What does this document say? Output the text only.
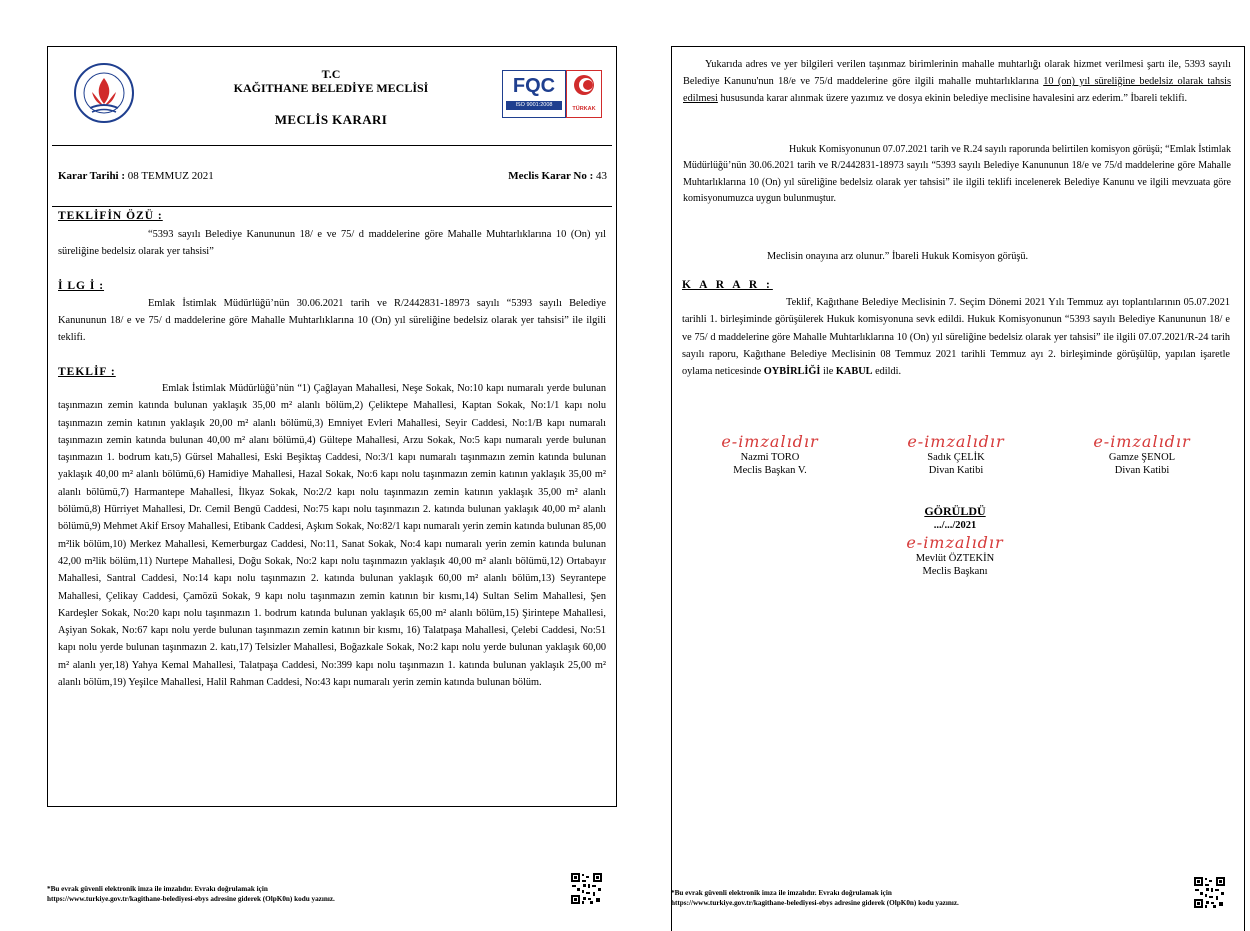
T.C
KAĞITHANE BELEDİYE MECLİSİ
MECLİS KARARI
FQC
ISO 9001:2008
TÜRKAK
Karar Tarihi : 08 TEMMUZ 2021	Meclis Karar No : 43
TEKLİFİN ÖZÜ :
“5393 sayılı Belediye Kanununun 18/ e ve 75/ d maddelerine göre Mahalle Muhtarlıklarına 10 (On) yıl süreliğine bedelsiz olarak yer tahsisi”
İ LG İ :
Emlak İstimlak Müdürlüğü’nün 30.06.2021 tarih ve R/2442831-18973 sayılı “5393 sayılı Belediye Kanununun 18/ e ve 75/ d maddelerine göre Mahalle Muhtarlıklarına 10 (On) yıl süreliğine bedelsiz olarak yer tahsisi” ile ilgili teklifi.
TEKLİF :
Emlak İstimlak Müdürlüğü’nün “1) Çağlayan Mahallesi, Neşe Sokak, No:10 kapı numaralı yerde bulunan taşınmazın zemin katında bulunan yaklaşık 35,00 m² alanlı bölüm,2) Çeliktepe Mahallesi, Kaptan Sokak, No:1/1 kapı nolu taşınmazın zemin katının yaklaşık 20,00 m² alanlı bölümü,3) Emniyet Evleri Mahallesi, Seyir Caddesi, No:1/B kapı numaralı taşınmazın zemin katında bulunan 40,00 m² alanı bölümü,4) Gültepe Mahallesi, Arzu Sokak, No:5 kapı numaralı yerde bulunan taşınmazın 1. bodrum katı,5) Gürsel Mahallesi, Eski Beşiktaş Caddesi, No:3/1 kapı numaralı taşınmazın zemin katında bulunan yaklaşık 40,00 m² alanlı bölümü,6) Hamidiye Mahallesi, Hazal Sokak, No:6 kapı nolu taşınmazın zemin katının yaklaşık 35,00 m² alanlı bölümü,7) Harmantepe Mahallesi, İlkyaz Sokak, No:2/2 kapı nolu taşınmazın zemin katının yaklaşık 35,00 m² alanlı bölümü,8) Hürriyet Mahallesi, Dr. Cemil Bengü Caddesi, No:75 kapı nolu taşınmazın 2. katında bulunan yaklaşık 40,00 m² alanlı bölümü,9) Mehmet Akif Ersoy Mahallesi, Etibank Caddesi, Aşkım Sokak, No:82/1 kapı numaralı yerin zemin katında bulunan 85,00 m²lik bölüm,10) Merkez Mahallesi, Kemerburgaz Caddesi, No:11, Sanat Sokak, No:4 kapı numaralı yerin zemin katında bulunan 42,00 m²lik bölüm,11) Nurtepe Mahallesi, Doğu Sokak, No:2 kapı nolu taşınmazın yaklaşık 40,00 m² alanlı bölümü,12) Ortabayır Mahallesi, Santral Caddesi, No:14 kapı nolu taşınmazın 2. katında bulunan yaklaşık 60,00 m² alanlı bölüm,13) Seyrantepe Mahallesi, Çelikay Caddesi, Çamözü Sokak, 9 kapı nolu taşınmazın zemin katının bir kısmı,14) Sultan Selim Mahallesi, Şen Kardeşler Sokak, No:20 kapı nolu taşınmazın 1. bodrum katında bulunan yaklaşık 65,00 m² alanlı bölüm,15) Şirintepe Mahallesi, Aşiyan Sokak, No:67 kapı nolu yerde bulunan taşınmazın zemin katının bir kısmı, 16) Talatpaşa Mahallesi, Çelebi Caddesi, No:51 kapı nolu yerde bulunan taşınmazın 2. katı,17) Telsizler Mahallesi, Boğazkale Sokak, No:2 kapı nolu yerde bulunan yaklaşık 60,00 m² alanlı yer,18) Yahya Kemal Mahallesi, Talatpaşa Caddesi, No:399 kapı nolu taşınmazın 1. katında bulunan yaklaşık 25,00 m² alanlı bölüm,19) Yeşilce Mahallesi, Halil Rahman Caddesi, No:43 kapı numaralı yerin zemin katında bulunan bölüm.
*Bu evrak güvenli elektronik imza ile imzalıdır. Evrakı doğrulamak için
https://www.turkiye.gov.tr/kagithane-belediyesi-ebys adresine giderek (OlpK0n) kodu yazınız.
Yukarıda adres ve yer bilgileri verilen taşınmaz birimlerinin mahalle muhtarlığı olarak hizmet verilmesi şartı ile, 5393 sayılı Belediye Kanunu'nun 18/e ve 75/d maddelerine göre ilgili mahalle muhtarlıklarına 10 (on) yıl süreliğine bedelsiz olarak tahsis edilmesi hususunda karar alınmak üzere yazımız ve dosya ekinin belediye meclisine havalesini arz ederim.” İbareli teklifi.
Hukuk Komisyonunun 07.07.2021 tarih ve R.24 sayılı raporunda belirtilen komisyon görüşü; “Emlak İstimlak Müdürlüğü’nün 30.06.2021 tarih ve R/2442831-18973 sayılı “5393 sayılı Belediye Kanununun 18/e ve 75/d maddelerine göre Mahalle Muhtarlıklarına 10 (On) yıl süreliğine bedelsiz olarak yer tahsisi” ile ilgili teklifi incelenerek Belediye Kanunu ve ilgili mevzuata göre komisyonumuzca uygun bulunmuştur.
Meclisin onayına arz olunur.” İbareli Hukuk Komisyon görüşü.
K A R A R :
Teklif, Kağıthane Belediye Meclisinin 7. Seçim Dönemi 2021 Yılı Temmuz ayı toplantılarının 05.07.2021 tarihli 1. birleşiminde görüşülerek Hukuk komisyonuna sevk edildi. Hukuk Komisyonunun “5393 sayılı Belediye Kanununun 18/ e ve 75/ d maddelerine göre Mahalle Muhtarlıklarına 10 (On) yıl süreliğine bedelsiz olarak yer tahsisi” ile ilgili 07.07.2021/R-24 tarih sayılı raporu, Kağıthane Belediye Meclisinin 08 Temmuz 2021 tarihli Temmuz ayı 2. birleşiminde görüşülüp, yapılan işaretle oylama neticesinde OYBİRLİĞİ ile KABUL edildi.
e-imzalıdır
Nazmi TORO
Meclis Başkan V.
e-imzalıdır
Sadık ÇELİK
Divan Katibi
e-imzalıdır
Gamze ŞENOL
Divan Katibi
GÖRÜLDÜ
.../.../2021
e-imzalıdır
Mevlüt ÖZTEKİN
Meclis Başkanı
*Bu evrak güvenli elektronik imza ile imzalıdır. Evrakı doğrulamak için
https://www.turkiye.gov.tr/kagithane-belediyesi-ebys adresine giderek (OlpK0n) kodu yazınız.
